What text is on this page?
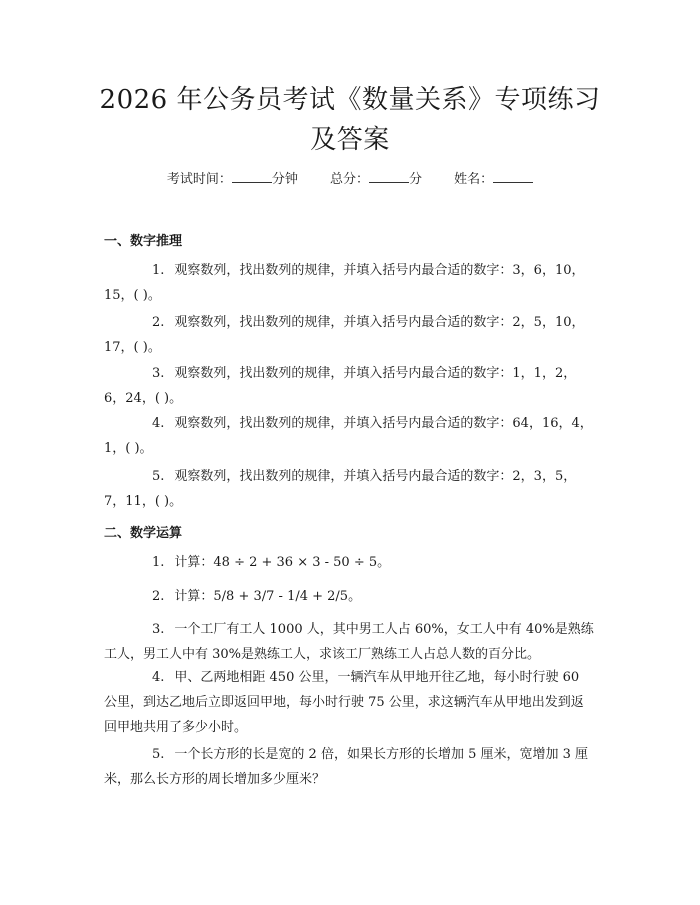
2026 年公务员考试《数量关系》专项练习及答案
考试时间：	分钟 总分：	分 姓名：
一、数字推理
1. 观察数列，找出数列的规律，并填入括号内最合适的数字：3，6，10，15，( )。
2. 观察数列，找出数列的规律，并填入括号内最合适的数字：2，5，10，17，( )。
3. 观察数列，找出数列的规律，并填入括号内最合适的数字：1，1，2，6，24，( )。
4. 观察数列，找出数列的规律，并填入括号内最合适的数字：64，16，4，1，( )。
5. 观察数列，找出数列的规律，并填入括号内最合适的数字：2，3，5，7，11，( )。
二、数学运算
1. 计算：48 ÷ 2 + 36 × 3 - 50 ÷ 5。
2. 计算：5/8 + 3/7 - 1/4 + 2/5。
3. 一个工厂有工人 1000 人，其中男工人占 60%，女工人中有 40%是熟练工人，男工人中有 30%是熟练工人，求该工厂熟练工人占总人数的百分比。
4. 甲、乙两地相距 450 公里，一辆汽车从甲地开往乙地，每小时行驶 60 公里，到达乙地后立即返回甲地，每小时行驶 75 公里，求这辆汽车从甲地出发到返回甲地共用了多少小时。
5. 一个长方形的长是宽的 2 倍，如果长方形的长增加 5 厘米，宽增加 3 厘米，那么长方形的周长增加多少厘米？
